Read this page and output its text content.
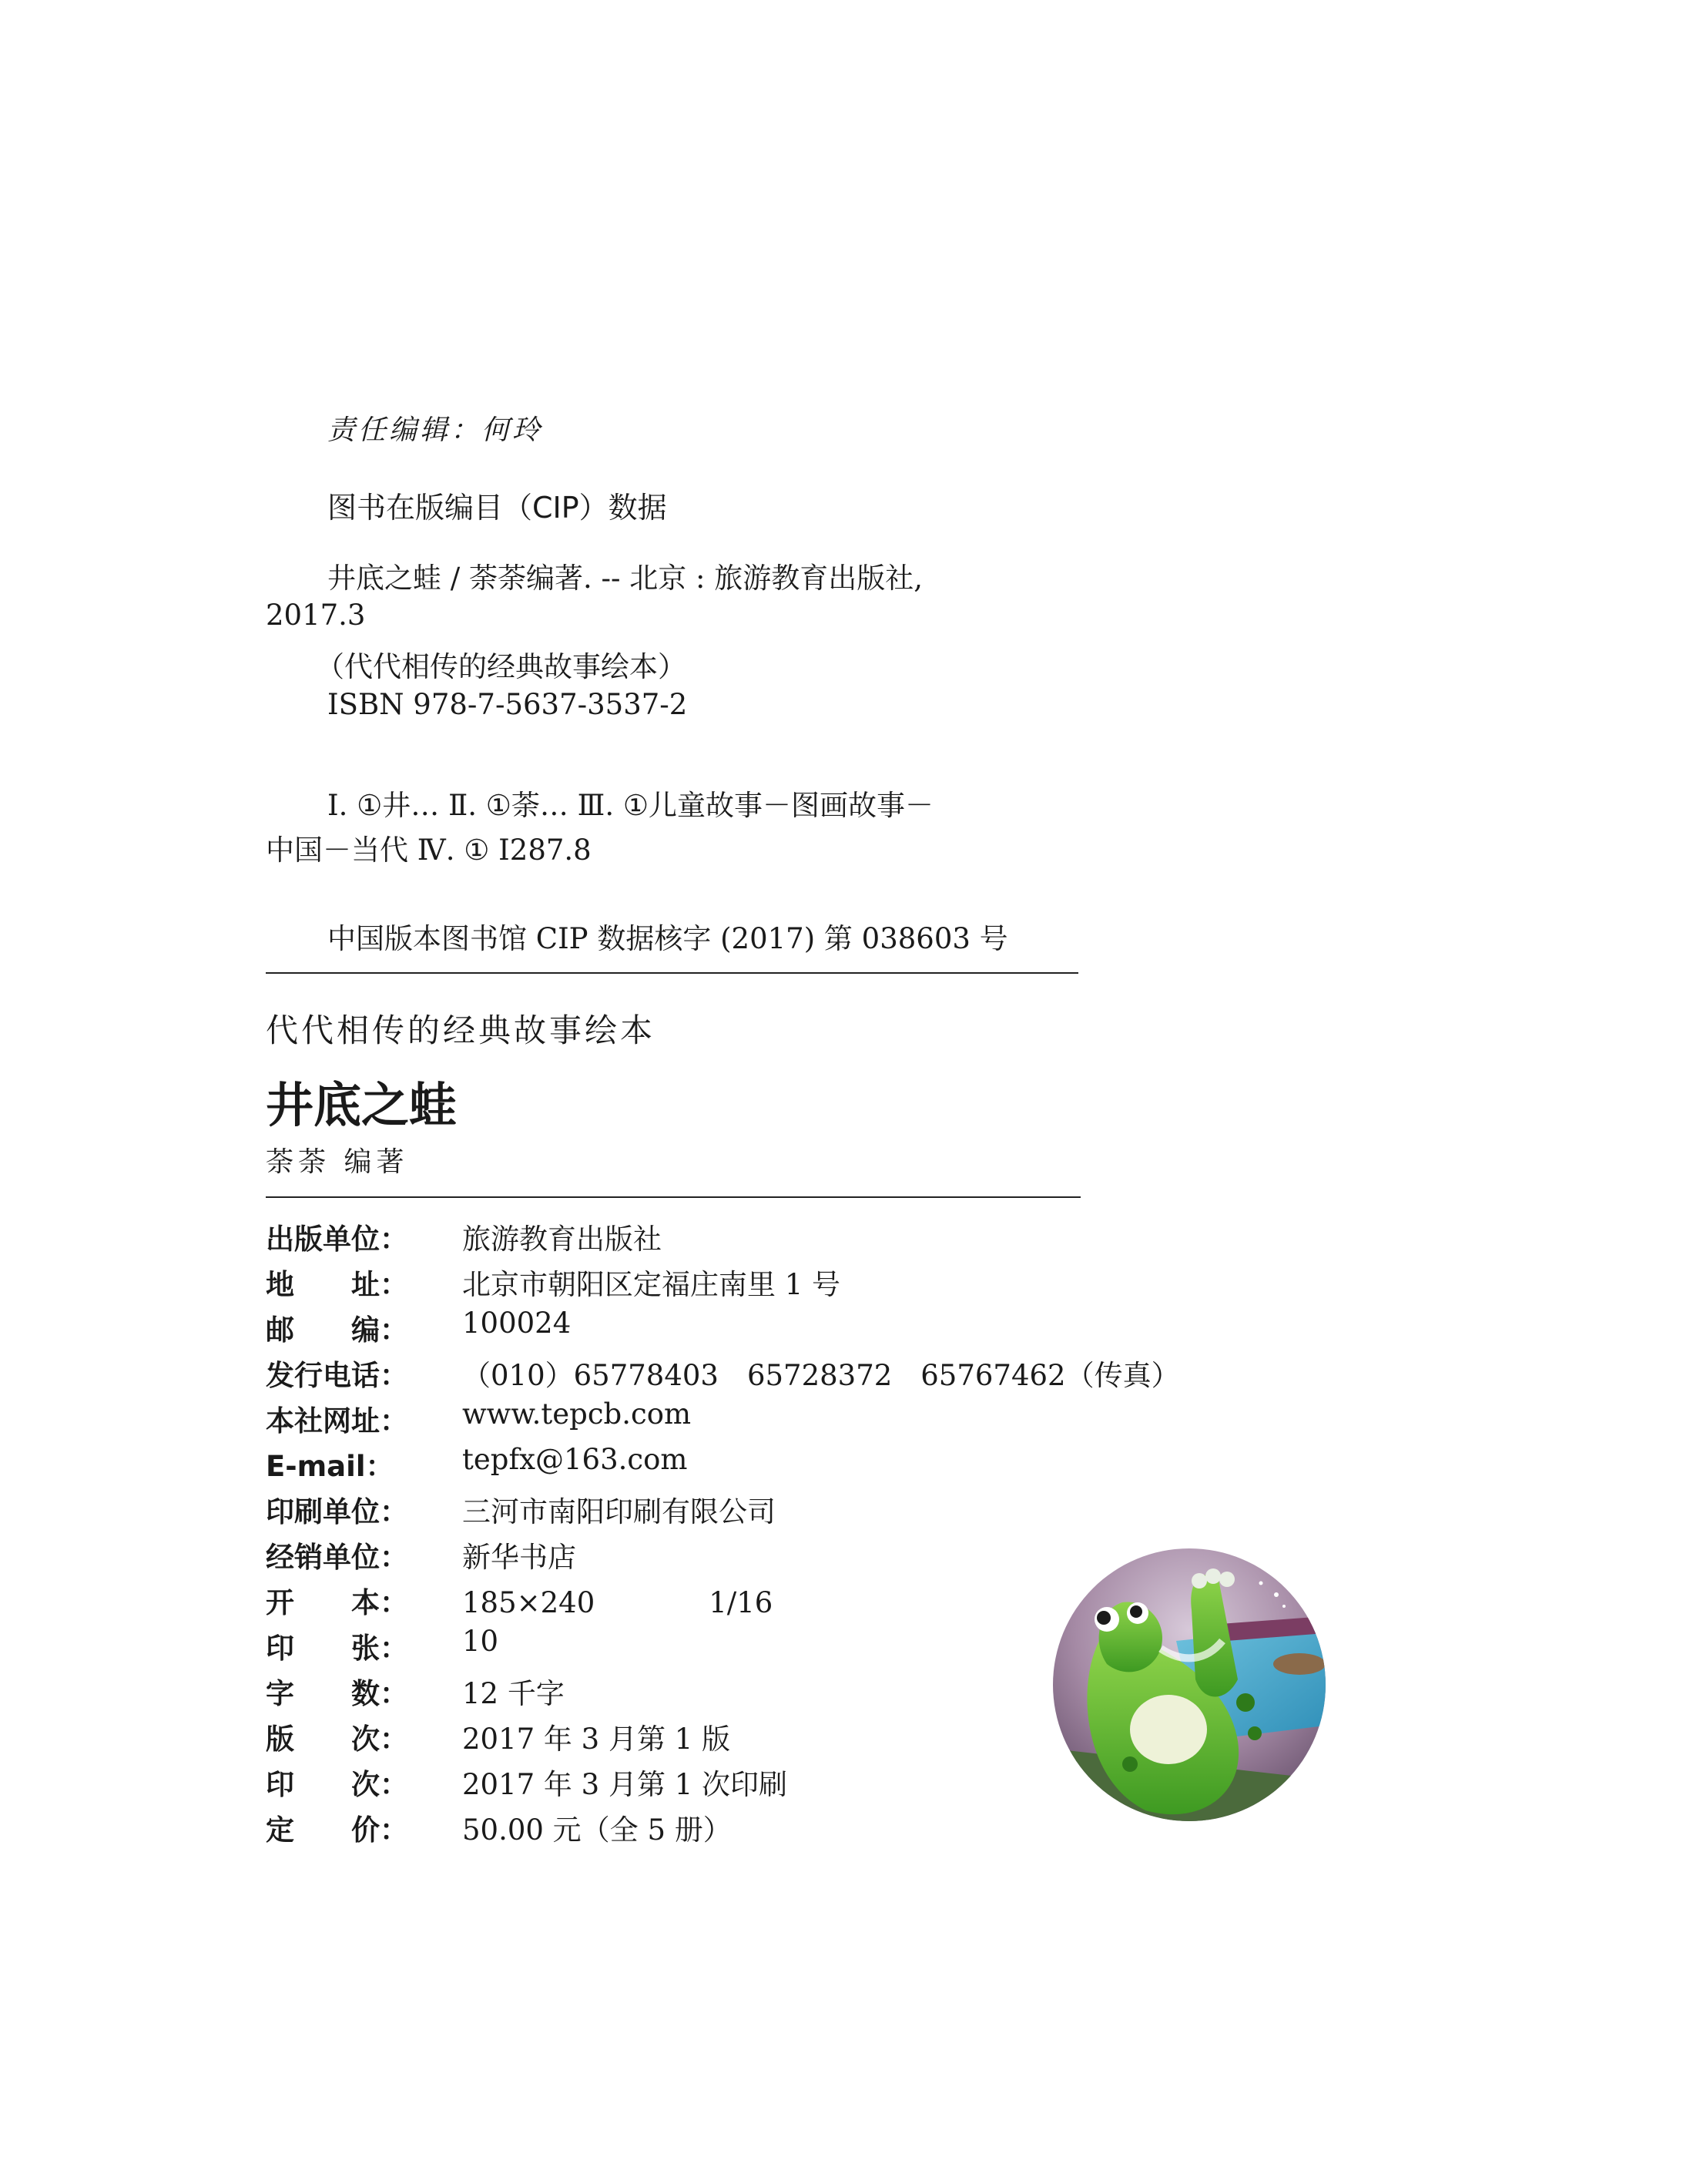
责任编辑：何玲
图书在版编目（CIP）数据
井底之蛙 / 荼荼编著. -- 北京 : 旅游教育出版社,
2017.3
（代代相传的经典故事绘本）
ISBN 978-7-5637-3537-2
Ⅰ. ①井… Ⅱ. ①荼… Ⅲ. ①儿童故事－图画故事－
中国－当代 Ⅳ. ① I287.8
中国版本图书馆 CIP 数据核字 (2017) 第 038603 号
代代相传的经典故事绘本
井底之蛙
荼荼 编著
出版单位：	旅游教育出版社
地　　址：	北京市朝阳区定福庄南里 1 号
邮　　编：	100024
发行电话：	（010）65778403　65728372　65767462（传真）
本社网址：	www.tepcb.com
E-mail：	tepfx@163.com
印刷单位：	三河市南阳印刷有限公司
经销单位：	新华书店
开　　本：	185×240　　　　1/16
印　　张：	10
字　　数：	12 千字
版　　次：	2017 年 3 月第 1 版
印　　次：	2017 年 3 月第 1 次印刷
定　　价：	50.00 元（全 5 册）
